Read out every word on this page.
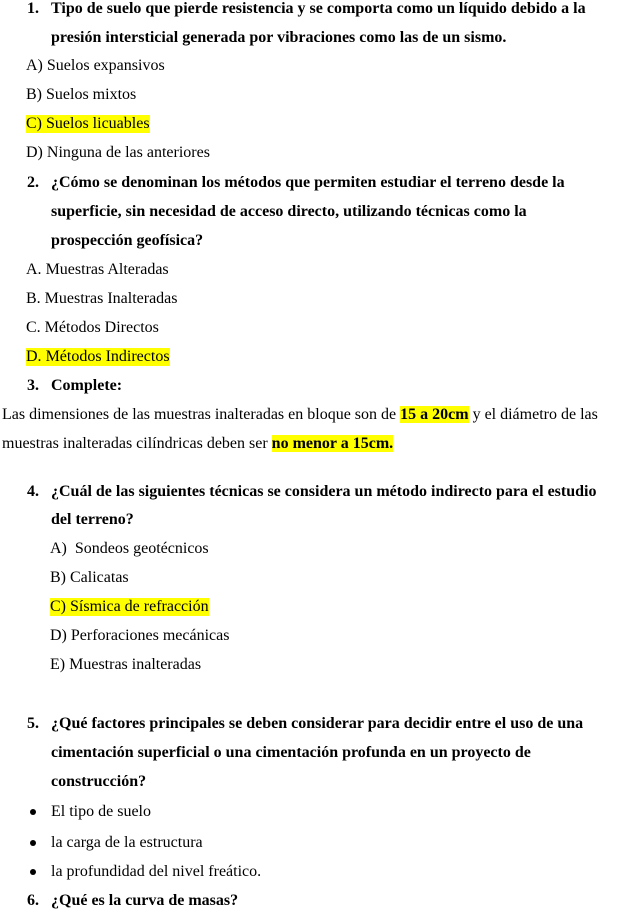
1. Tipo de suelo que pierde resistencia y se comporta como un líquido debido a la
presión intersticial generada por vibraciones como las de un sismo.
A) Suelos expansivos
B) Suelos mixtos
C) Suelos licuables
D) Ninguna de las anteriores
2. ¿Cómo se denominan los métodos que permiten estudiar el terreno desde la
superficie, sin necesidad de acceso directo, utilizando técnicas como la
prospección geofísica?
A. Muestras Alteradas
B. Muestras Inalteradas
C. Métodos Directos
D. Métodos Indirectos
3. Complete:
Las dimensiones de las muestras inalteradas en bloque son de 15 a 20cm y el diámetro de las
muestras inalteradas cilíndricas deben ser no menor a 15cm.
4. ¿Cuál de las siguientes técnicas se considera un método indirecto para el estudio
del terreno?
A) Sondeos geotécnicos
B) Calicatas
C) Sísmica de refracción
D) Perforaciones mecánicas
E) Muestras inalteradas
5. ¿Qué factores principales se deben considerar para decidir entre el uso de una
cimentación superficial o una cimentación profunda en un proyecto de
construcción?
El tipo de suelo
la carga de la estructura
la profundidad del nivel freático.
6. ¿Qué es la curva de masas?
